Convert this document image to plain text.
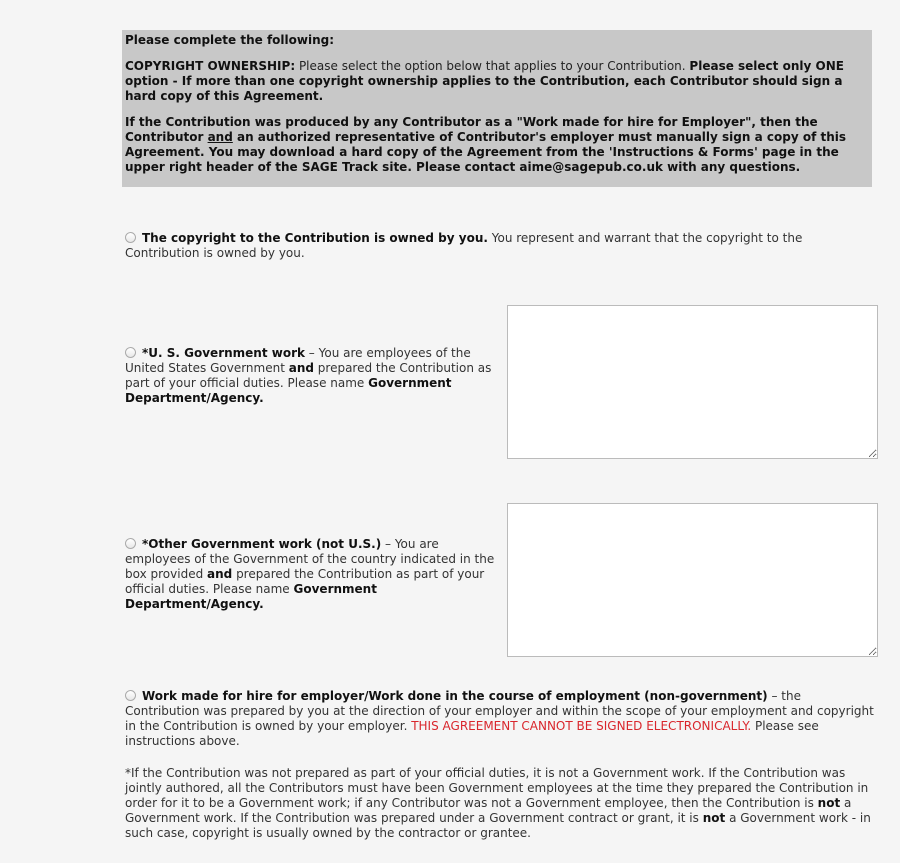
Please complete the following:

COPYRIGHT OWNERSHIP: Please select the option below that applies to your Contribution. Please select only ONE option - If more than one copyright ownership applies to the Contribution, each Contributor should sign a hard copy of this Agreement.

If the Contribution was produced by any Contributor as a "Work made for hire for Employer", then the Contributor and an authorized representative of Contributor's employer must manually sign a copy of this Agreement. You may download a hard copy of the Agreement from the 'Instructions & Forms' page in the upper right header of the SAGE Track site. Please contact aime@sagepub.co.uk with any questions.

The copyright to the Contribution is owned by you. You represent and warrant that the copyright to the Contribution is owned by you.
*U. S. Government work – You are employees of the United States Government and prepared the Contribution as part of your official duties. Please name Government Department/Agency.
*Other Government work (not U.S.) – You are employees of the Government of the country indicated in the box provided and prepared the Contribution as part of your official duties. Please name Government Department/Agency.
Work made for hire for employer/Work done in the course of employment (non-government) – the Contribution was prepared by you at the direction of your employer and within the scope of your employment and copyright in the Contribution is owned by your employer. THIS AGREEMENT CANNOT BE SIGNED ELECTRONICALLY. Please see instructions above.
*If the Contribution was not prepared as part of your official duties, it is not a Government work. If the Contribution was jointly authored, all the Contributors must have been Government employees at the time they prepared the Contribution in order for it to be a Government work; if any Contributor was not a Government employee, then the Contribution is not a Government work. If the Contribution was prepared under a Government contract or grant, it is not a Government work - in such case, copyright is usually owned by the contractor or grantee.
